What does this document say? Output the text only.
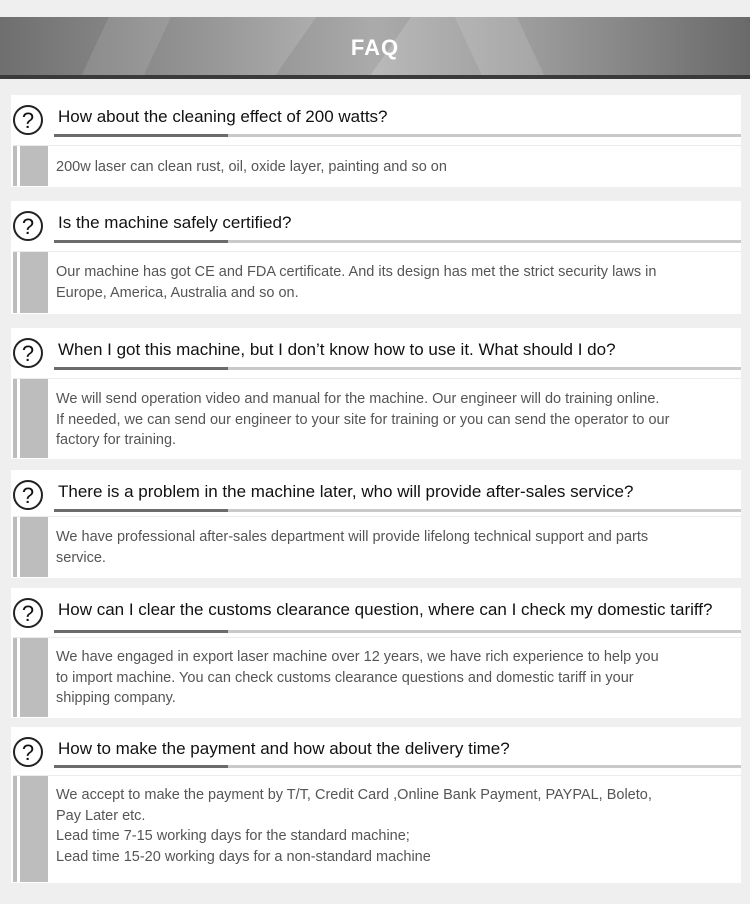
FAQ
?	How about the cleaning effect of 200 watts?
200w laser can clean rust, oil, oxide layer, painting and so on
?	Is the machine safely certified?
Our machine has got CE and FDA certificate. And its design has met the strict security laws in
Europe, America, Australia and so on.
?	When I got this machine, but I don’t know how to use it. What should I do?
We will send operation video and manual for the machine. Our engineer will do training online.
If needed, we can send our engineer to your site for training or you can send the operator to our
factory for training.
?	There is a problem in the machine later, who will provide after-sales service?
We have professional after-sales department will provide lifelong technical support and parts
service.
?	How can I clear the customs clearance question, where can I check my domestic tariff?
We have engaged in export laser machine over 12 years, we have rich experience to help you
to import machine. You can check customs clearance questions and domestic tariff in your
shipping company.
?	How to make the payment and how about the delivery time?
We accept to make the payment by T/T, Credit Card ,Online Bank Payment, PAYPAL, Boleto,
Pay Later etc.
Lead time 7-15 working days for the standard machine;
Lead time 15-20 working days for a non-standard machine
